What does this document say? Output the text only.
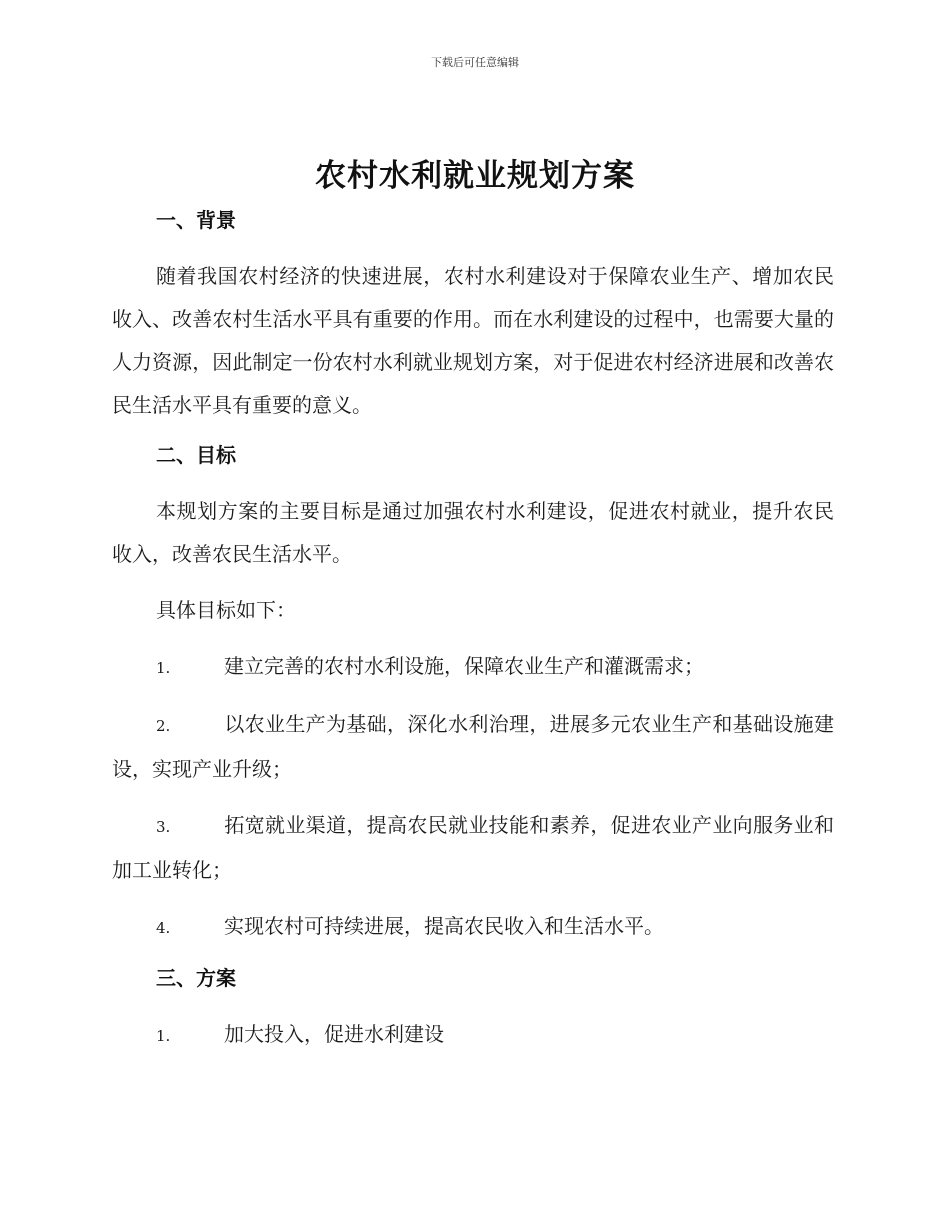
下载后可任意编辑
农村水利就业规划方案

一、背景

随着我国农村经济的快速进展，农村水利建设对于保障农业生产、增加农民收入、改善农村生活水平具有重要的作用。而在水利建设的过程中，也需要大量的人力资源，因此制定一份农村水利就业规划方案，对于促进农村经济进展和改善农民生活水平具有重要的意义。

二、目标

本规划方案的主要目标是通过加强农村水利建设，促进农村就业，提升农民收入，改善农民生活水平。

具体目标如下：

1.	建立完善的农村水利设施，保障农业生产和灌溉需求；

2.	以农业生产为基础，深化水利治理，进展多元农业生产和基础设施建设，实现产业升级；

3.	拓宽就业渠道，提高农民就业技能和素养，促进农业产业向服务业和加工业转化；

4.	实现农村可持续进展，提高农民收入和生活水平。

三、方案

1.	加大投入，促进水利建设
